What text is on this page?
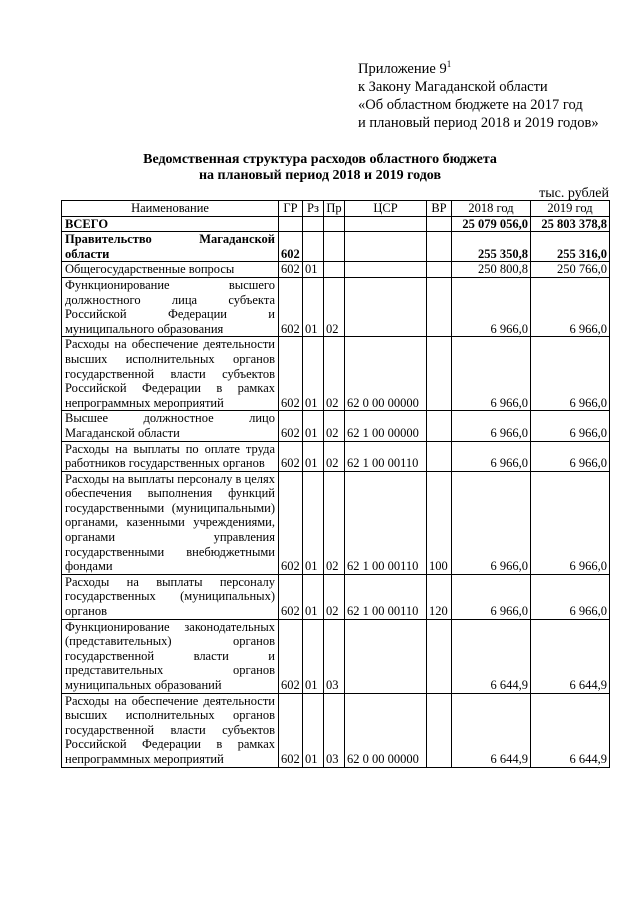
Приложение $9^1$
к Закону Магаданской области
«Об областном бюджете на 2017 год
и плановый период 2018 и 2019 годов»
Ведомственная структура расходов областного бюджета
на плановый период 2018 и 2019 годов
тыс. рублей
Наименование	ГР	Рз	Пр	ЦСР	ВР	2018 год	2019 год
ВСЕГО						25 079 056,0	25 803 378,8
Правительство Магаданской области	602					255 350,8	255 316,0
Общегосударственные вопросы	602	01				250 800,8	250 766,0
Функционирование высшего должностного лица субъекта Российской Федерации и муниципального образования	602	01	02			6 966,0	6 966,0
Расходы на обеспечение деятельности высших исполнительных органов государственной власти субъектов Российской Федерации в рамках непрограммных мероприятий	602	01	02	62 0 00 00000		6 966,0	6 966,0
Высшее должностное лицо Магаданской области	602	01	02	62 1 00 00000		6 966,0	6 966,0
Расходы на выплаты по оплате труда работников государственных органов	602	01	02	62 1 00 00110		6 966,0	6 966,0
Расходы на выплаты персоналу в целях обеспечения выполнения функций государственными (муниципальными) органами, казенными учреждениями, органами управления государственными внебюджетными фондами	602	01	02	62 1 00 00110	100	6 966,0	6 966,0
Расходы на выплаты персоналу государственных (муниципальных) органов	602	01	02	62 1 00 00110	120	6 966,0	6 966,0
Функционирование законодательных (представительных) органов государственной власти и представительных органов муниципальных образований	602	01	03			6 644,9	6 644,9
Расходы на обеспечение деятельности высших исполнительных органов государственной власти субъектов Российской Федерации в рамках непрограммных мероприятий	602	01	03	62 0 00 00000		6 644,9	6 644,9
